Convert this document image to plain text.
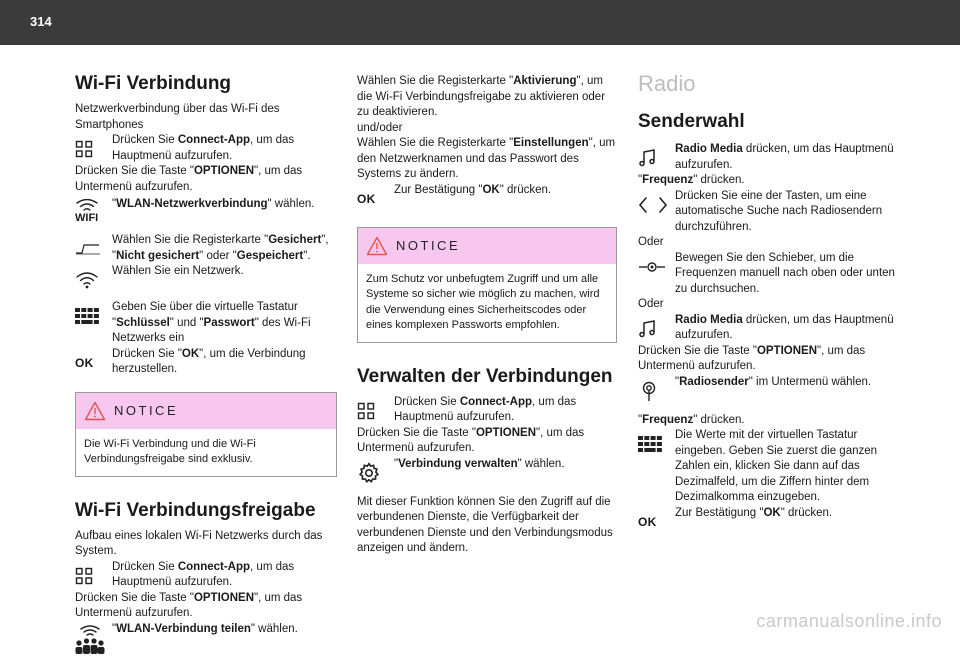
314
Wi-Fi Verbindung

Netzwerkverbindung über das Wi-Fi des Smartphones

Drücken Sie Connect-App, um das Hauptmenü aufzurufen.

Drücken Sie die Taste "OPTIONEN", um das Untermenü aufzurufen.

WIFI
"WLAN-Netzwerkverbindung" wählen.
Wählen Sie die Registerkarte "Gesichert", "Nicht gesichert" oder "Gespeichert".
Wählen Sie ein Netzwerk.
Geben Sie über die virtuelle Tastatur "Schlüssel" und "Passwort" des Wi-Fi Netzwerks ein
OK
Drücken Sie "OK", um die Verbindung herzustellen.
NOTICE
Die Wi-Fi Verbindung und die Wi-Fi Verbindungsfreigabe sind exklusiv.
Wi-Fi Verbindungsfreigabe

Aufbau eines lokalen Wi-Fi Netzwerks durch das System.

Drücken Sie Connect-App, um das Hauptmenü aufzurufen.

Drücken Sie die Taste "OPTIONEN", um das Untermenü aufzurufen.

"WLAN-Verbindung teilen" wählen.

Wählen Sie die Registerkarte "Aktivierung", um die Wi-Fi Verbindungsfreigabe zu aktivieren oder zu deaktivieren.

und/oder

Wählen Sie die Registerkarte "Einstellungen", um den Netzwerknamen und das Passwort des Systems zu ändern.

OK
Zur Bestätigung "OK" drücken.
NOTICE
Zum Schutz vor unbefugtem Zugriff und um alle Systeme so sicher wie möglich zu machen, wird die Verwendung eines Sicherheitscodes oder eines komplexen Passworts empfohlen.
Verwalten der Verbindungen
Drücken Sie Connect-App, um das Hauptmenü aufzurufen.

Drücken Sie die Taste "OPTIONEN", um das Untermenü aufzurufen.

"Verbindung verwalten" wählen.

Mit dieser Funktion können Sie den Zugriff auf die verbundenen Dienste, die Verfügbarkeit der verbundenen Dienste und den Verbindungsmodus anzeigen und ändern.

Radio
Senderwahl
Radio Media drücken, um das Hauptmenü aufzurufen.

"Frequenz" drücken.

Drücken Sie eine der Tasten, um eine automatische Suche nach Radiosendern durchzuführen.

Oder

Bewegen Sie den Schieber, um die Frequenzen manuell nach oben oder unten zu durchsuchen.

Oder

Radio Media drücken, um das Hauptmenü aufzurufen.

Drücken Sie die Taste "OPTIONEN", um das Untermenü aufzurufen.

"Radiosender" im Untermenü wählen.

"Frequenz" drücken.

Die Werte mit der virtuellen Tastatur eingeben. Geben Sie zuerst die ganzen Zahlen ein, klicken Sie dann auf das Dezimalfeld, um die Ziffern hinter dem Dezimalkomma einzugeben.
OK
Zur Bestätigung "OK" drücken.
carmanualsonline.info
